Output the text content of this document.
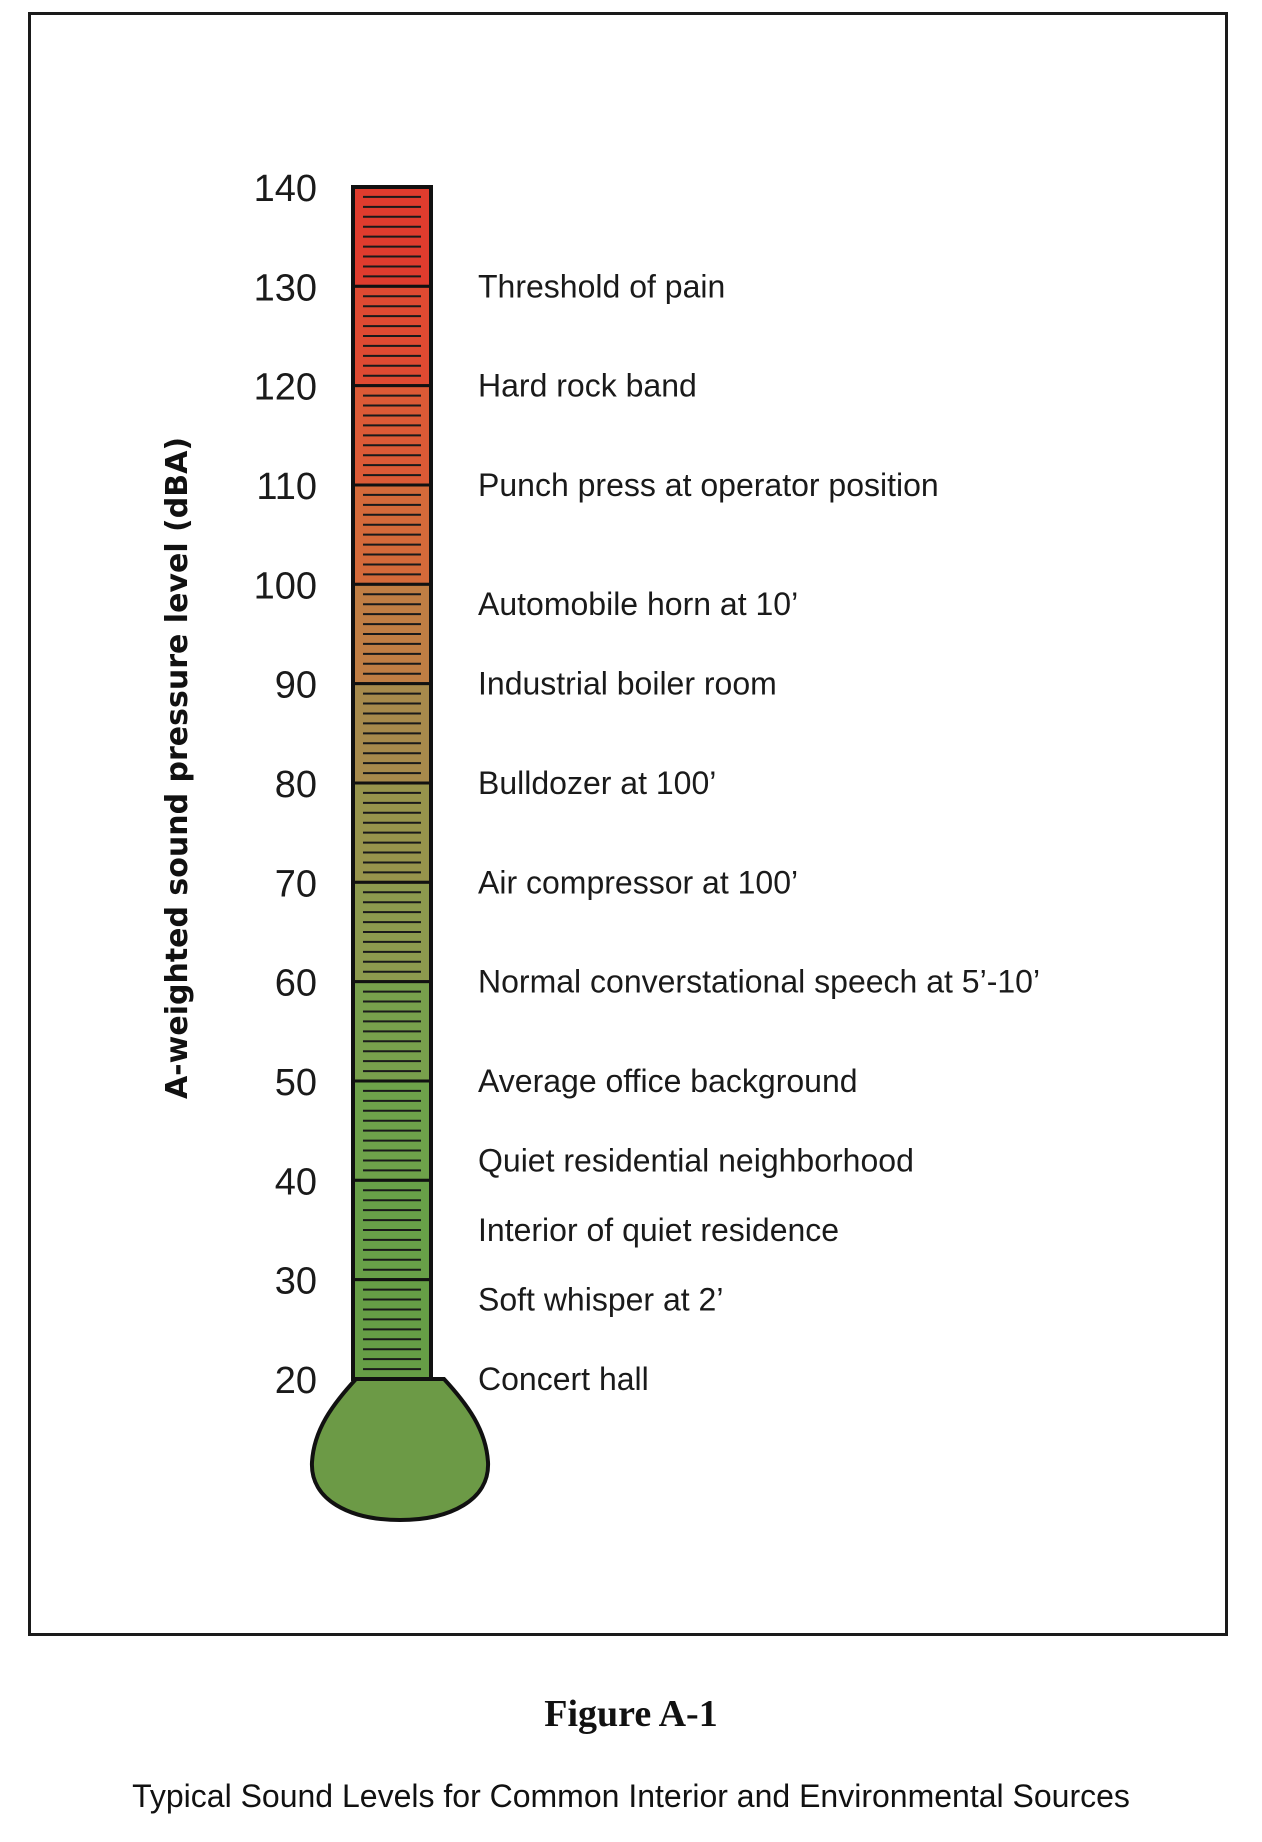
140
130
120
110
100
90
80
70
60
50
40
30
20
Threshold of pain
Hard rock band
Punch press at operator position
Automobile horn at 10’
Industrial boiler room
Bulldozer at 100’
Air compressor at 100’
Normal converstational speech at 5’-10’
Average office background
Quiet residential neighborhood
Interior of quiet residence
Soft whisper at 2’
Concert hall
A-weighted sound pressure level (dBA)
Figure A-1
Typical Sound Levels for Common Interior and Environmental Sources
